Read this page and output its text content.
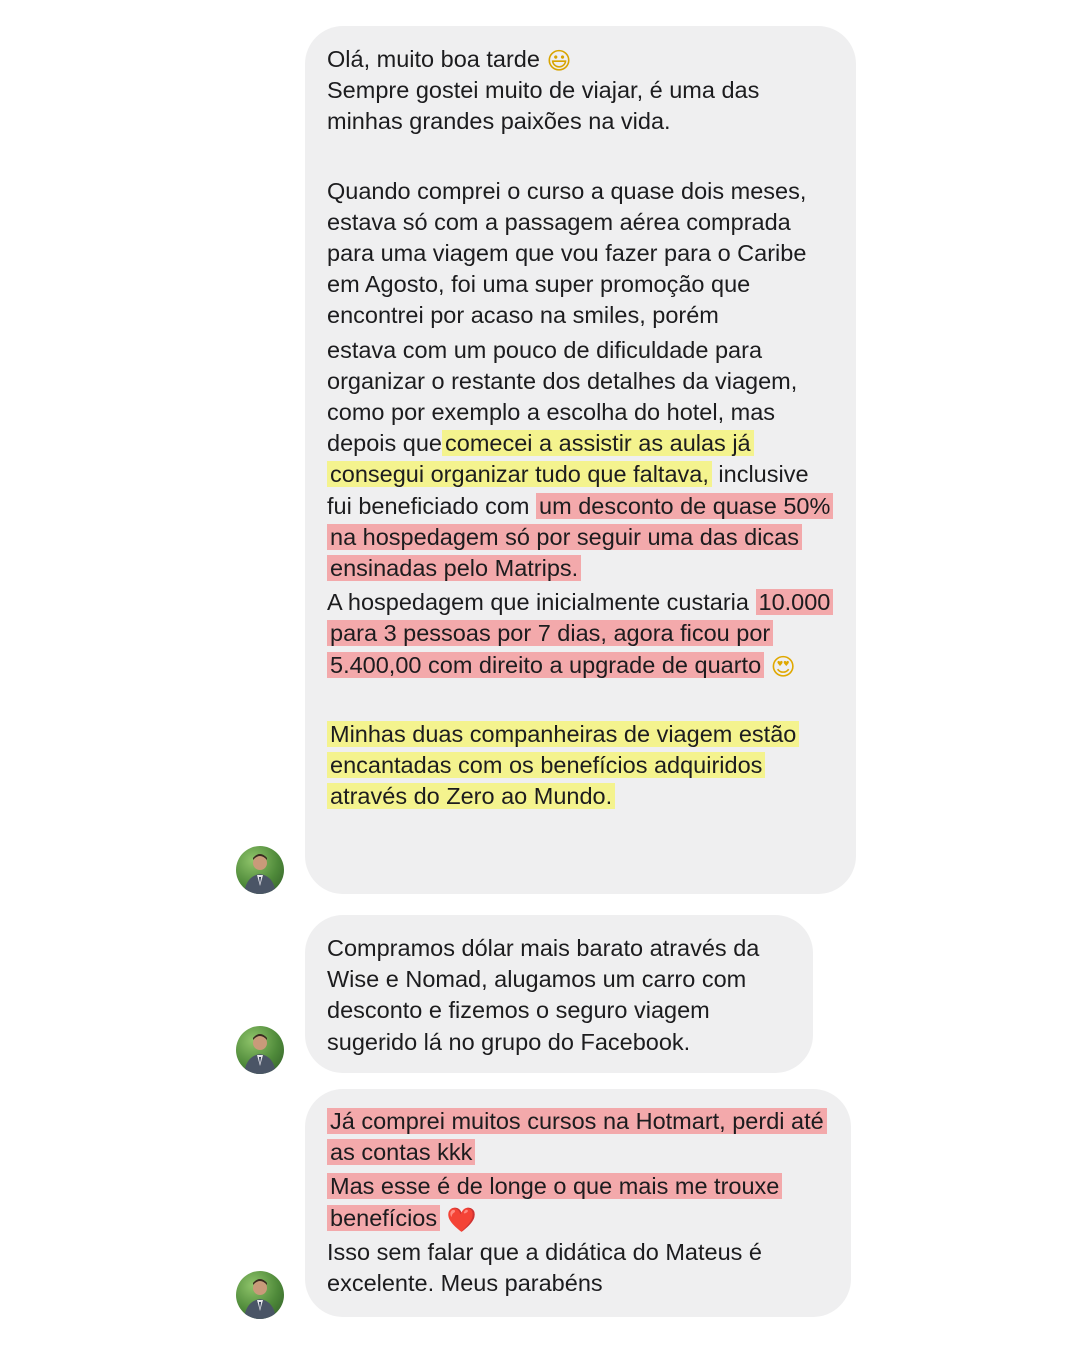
Olá, muito boa tarde 😃
Sempre gostei muito de viajar, é uma das minhas grandes paixões na vida.
Quando comprei o curso a quase dois meses, estava só com a passagem aérea comprada para uma viagem que vou fazer para o Caribe em Agosto, foi uma super promoção que encontrei por acaso na smiles, porém
estava com um pouco de dificuldade para organizar o restante dos detalhes da viagem, como por exemplo a escolha do hotel, mas depois que comecei a assistir as aulas já consegui organizar tudo que faltava, inclusive fui beneficiado com um desconto de quase 50% na hospedagem só por seguir uma das dicas ensinadas pelo Matrips.
A hospedagem que inicialmente custaria 10.000 para 3 pessoas por 7 dias, agora ficou por 5.400,00 com direito a upgrade de quarto 😍
Minhas duas companheiras de viagem estão encantadas com os benefícios adquiridos através do Zero ao Mundo.
Compramos dólar mais barato através da Wise e Nomad, alugamos um carro com desconto e fizemos o seguro viagem sugerido lá no grupo do Facebook.
Já comprei muitos cursos na Hotmart, perdi até as contas kkk
Mas esse é de longe o que mais me trouxe benefícios ❤️
Isso sem falar que a didática do Mateus é excelente. Meus parabéns
